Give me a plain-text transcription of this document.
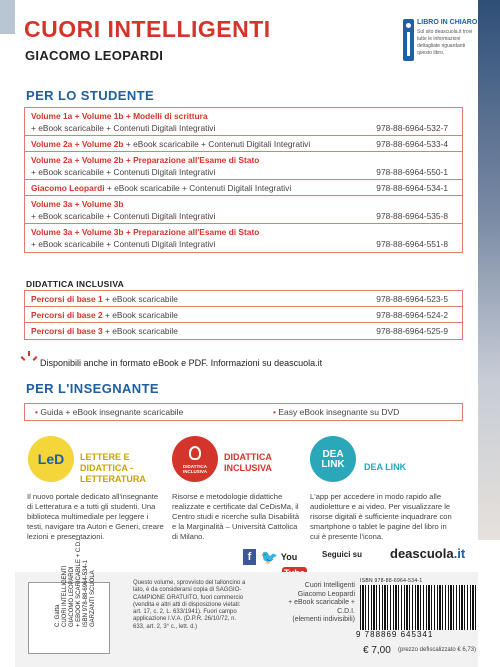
CUORI INTELLIGENTI
GIACOMO LEOPARDI
LIBRO IN CHIARO
Sul sito deascuola.it trovi tutte le informazioni dettagliate riguardanti questo libro.
PER LO STUDENTE
Volume 1a + Volume 1b + Modelli di scrittura
+ eBook scaricabile + Contenuti Digitali Integrativi	978-88-6964-532-7
Volume 2a + Volume 2b + eBook scaricabile + Contenuti Digitali Integrativi	978-88-6964-533-4
Volume 2a + Volume 2b + Preparazione all'Esame di Stato
+ eBook scaricabile + Contenuti Digitali Integrativi	978-88-6964-550-1
Giacomo Leopardi + eBook scaricabile + Contenuti Digitali Integrativi	978-88-6964-534-1
Volume 3a + Volume 3b
+ eBook scaricabile + Contenuti Digitali Integrativi	978-88-6964-535-8
Volume 3a + Volume 3b + Preparazione all'Esame di Stato
+ eBook scaricabile + Contenuti Digitali Integrativi	978-88-6964-551-8
DIDATTICA INCLUSIVA
Percorsi di base 1 + eBook scaricabile	978-88-6964-523-5
Percorsi di base 2 + eBook scaricabile	978-88-6964-524-2
Percorsi di base 3 + eBook scaricabile	978-88-6964-525-9
Disponibili anche in formato eBook e PDF. Informazioni su deascuola.it
PER L'INSEGNANTE
• Guida + eBook insegnante scaricabile	• Easy eBook insegnante su DVD
LeD	LETTERE E DIDATTICA - LETTERATURA
Il nuovo portale dedicato all'insegnante di Letteratura e a tutti gli studenti. Una biblioteca multimediale per leggere i testi, navigare tra Autori e Generi, creare lezioni e presentazioni.
DIDATTICA INCLUSIVA
DIDATTICA INCLUSIVA
Risorse e metodologie didattiche realizzate e certificate dal CeDisMa, il Centro studi e ricerche sulla Disabilità e la Marginalità – Università Cattolica di Milano.
DEA LINK	DEA LINK
L'app per accedere in modo rapido alle audioletture e ai video. Per visualizzare le risorse digitali è sufficiente inquadrare con smartphone o tablet le pagine del libro in cui è presente l'icona.
f 🐦 You	Seguici su deascuola.it
C. Gatta CUORI INTELLIGENTI GIACOMO LEOPARDI + EBOOK SCARICABILE + C.D.I. ISBN 978-88-6964-534-1 GARZANTI SCUOLA	Questo volume, sprovvisto del talloncino a lato, è da considerarsi copia di SAGGIO-CAMPIONE GRATUITO, fuori commercio (vendita e altri atti di disposizione vietati: art. 17, c. 2, L. 633/1941). Fuori campo applicazione I.V.A. (D.P.R. 26/10/72, n. 633, art. 2, 3° c., lett. d.)
Cuori Intelligenti
Giacomo Leopardi
+ eBook scaricabile + C.D.I.
(elementi indivisibili)
ISBN 978-88-6964-534-1
9 788869 645341
€ 7,00 (prezzo defiscalizzato € 6,73)
